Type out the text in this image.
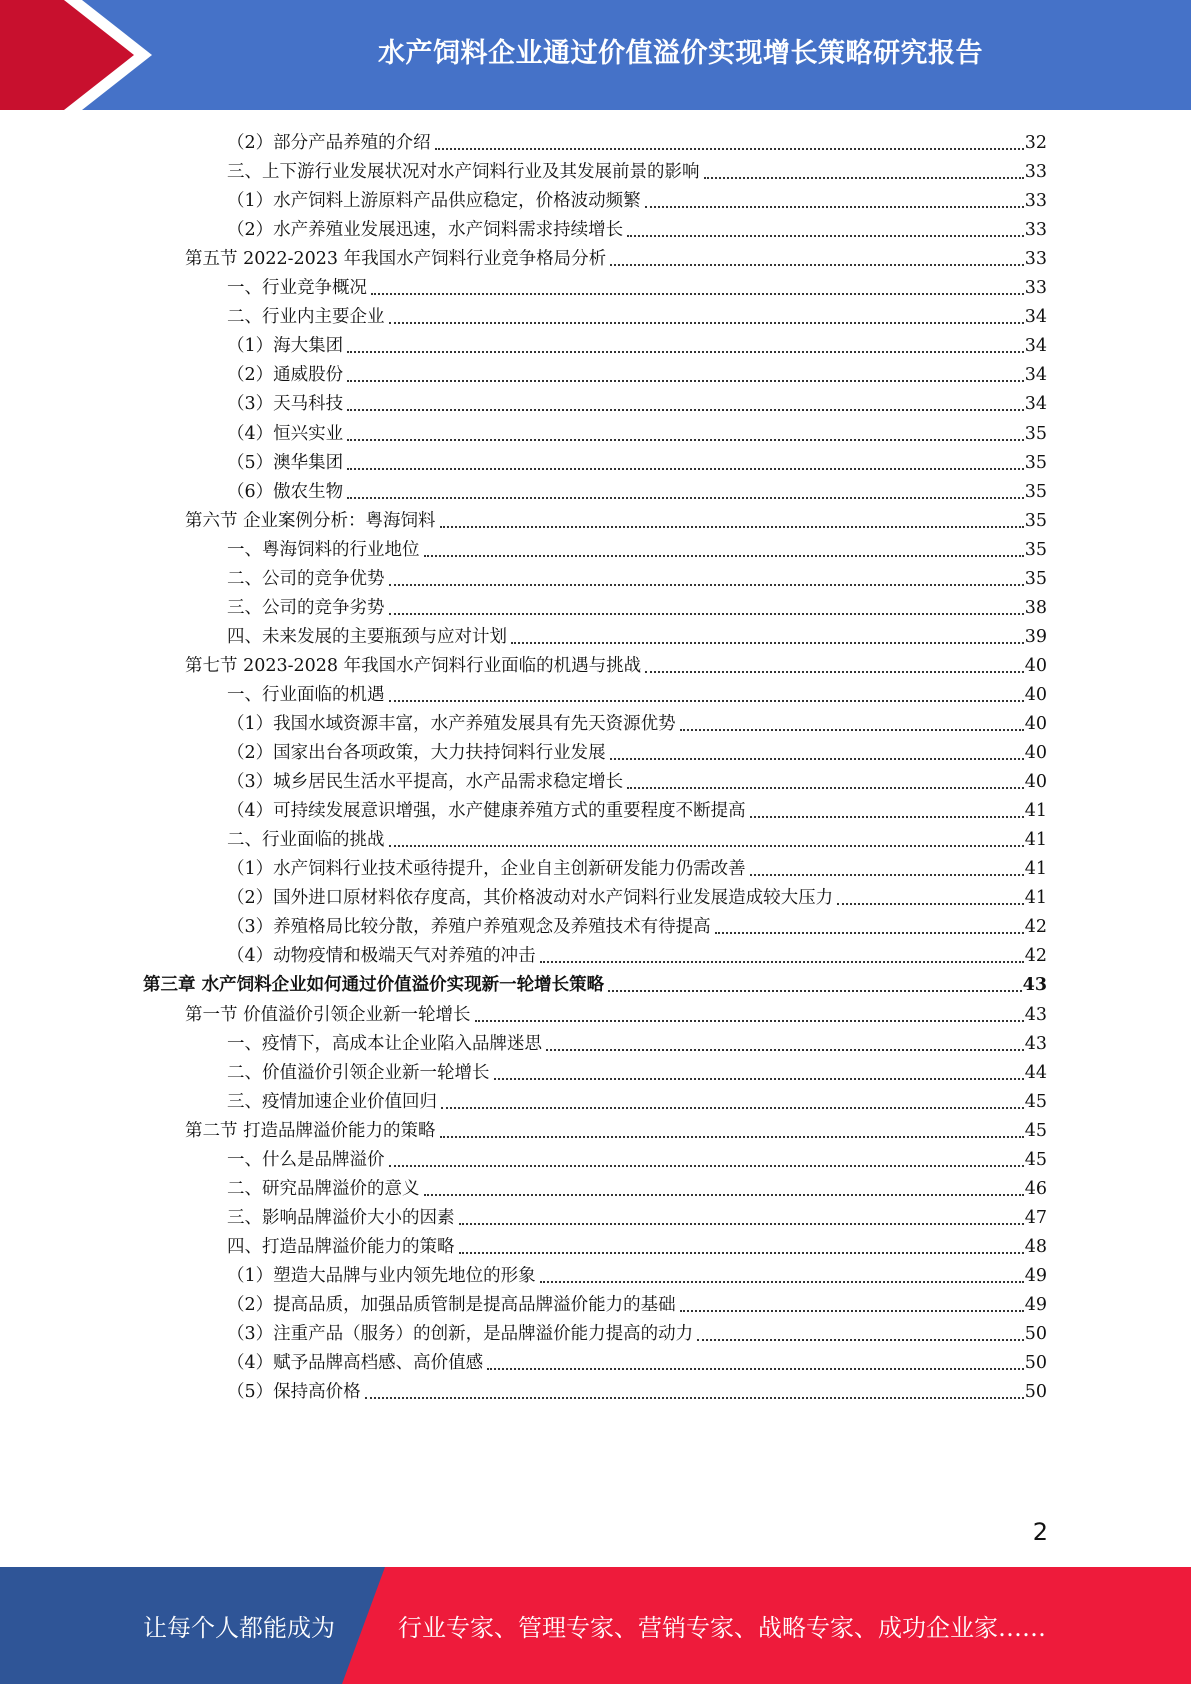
水产饲料企业通过价值溢价实现增长策略研究报告
（2）部分产品养殖的介绍	32
三、上下游行业发展状况对水产饲料行业及其发展前景的影响	33
（1）水产饲料上游原料产品供应稳定，价格波动频繁	33
（2）水产养殖业发展迅速，水产饲料需求持续增长	33
第五节 2022-2023 年我国水产饲料行业竞争格局分析	33
一、行业竞争概况	33
二、行业内主要企业	34
（1）海大集团	34
（2）通威股份	34
（3）天马科技	34
（4）恒兴实业	35
（5）澳华集团	35
（6）傲农生物	35
第六节 企业案例分析：粤海饲料	35
一、粤海饲料的行业地位	35
二、公司的竞争优势	35
三、公司的竞争劣势	38
四、未来发展的主要瓶颈与应对计划	39
第七节 2023-2028 年我国水产饲料行业面临的机遇与挑战	40
一、行业面临的机遇	40
（1）我国水域资源丰富，水产养殖发展具有先天资源优势	40
（2）国家出台各项政策，大力扶持饲料行业发展	40
（3）城乡居民生活水平提高，水产品需求稳定增长	40
（4）可持续发展意识增强，水产健康养殖方式的重要程度不断提高	41
二、行业面临的挑战	41
（1）水产饲料行业技术亟待提升，企业自主创新研发能力仍需改善	41
（2）国外进口原材料依存度高，其价格波动对水产饲料行业发展造成较大压力	41
（3）养殖格局比较分散，养殖户养殖观念及养殖技术有待提高	42
（4）动物疫情和极端天气对养殖的冲击	42
第三章 水产饲料企业如何通过价值溢价实现新一轮增长策略	43
第一节 价值溢价引领企业新一轮增长	43
一、疫情下，高成本让企业陷入品牌迷思	43
二、价值溢价引领企业新一轮增长	44
三、疫情加速企业价值回归	45
第二节 打造品牌溢价能力的策略	45
一、什么是品牌溢价	45
二、研究品牌溢价的意义	46
三、影响品牌溢价大小的因素	47
四、打造品牌溢价能力的策略	48
（1）塑造大品牌与业内领先地位的形象	49
（2）提高品质，加强品质管制是提高品牌溢价能力的基础	49
（3）注重产品（服务）的创新，是品牌溢价能力提高的动力	50
（4）赋予品牌高档感、高价值感	50
（5）保持高价格	50
2
让每个人都能成为	行业专家、管理专家、营销专家、战略专家、成功企业家……
